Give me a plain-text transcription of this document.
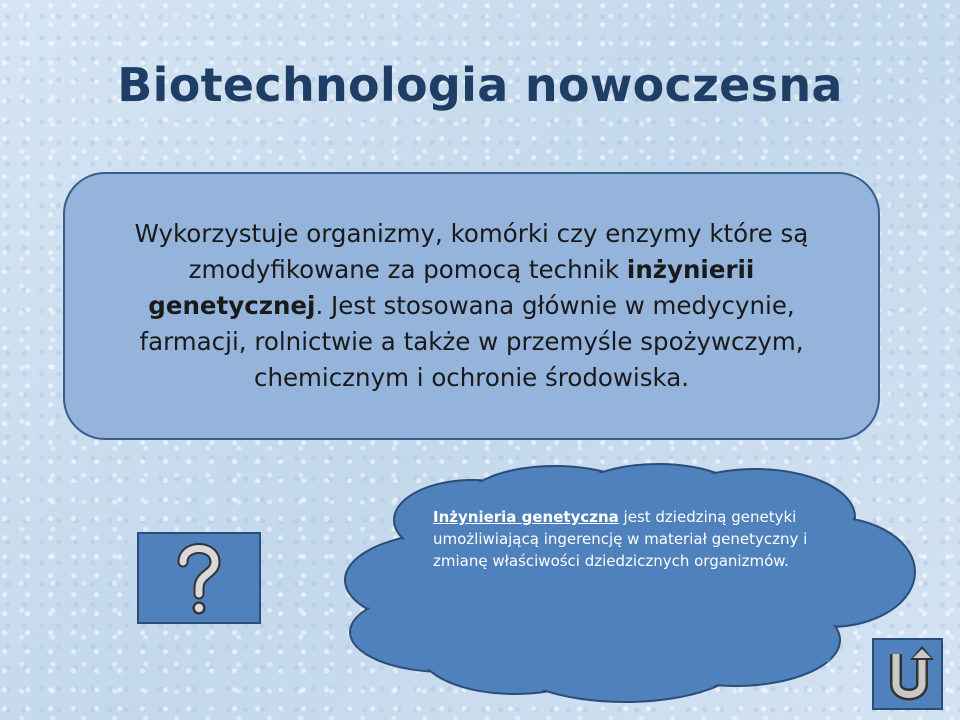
Biotechnologia nowoczesna
Wykorzystuje organizmy, komórki czy enzymy które są zmodyfikowane za pomocą technik inżynierii genetycznej. Jest stosowana głównie w medycynie, farmacji, rolnictwie a także w przemyśle spożywczym, chemicznym i ochronie środowiska.
Inżynieria genetyczna jest dziedziną genetyki umożliwiającą ingerencję w materiał genetyczny i zmianę właściwości dziedzicznych organizmów.
